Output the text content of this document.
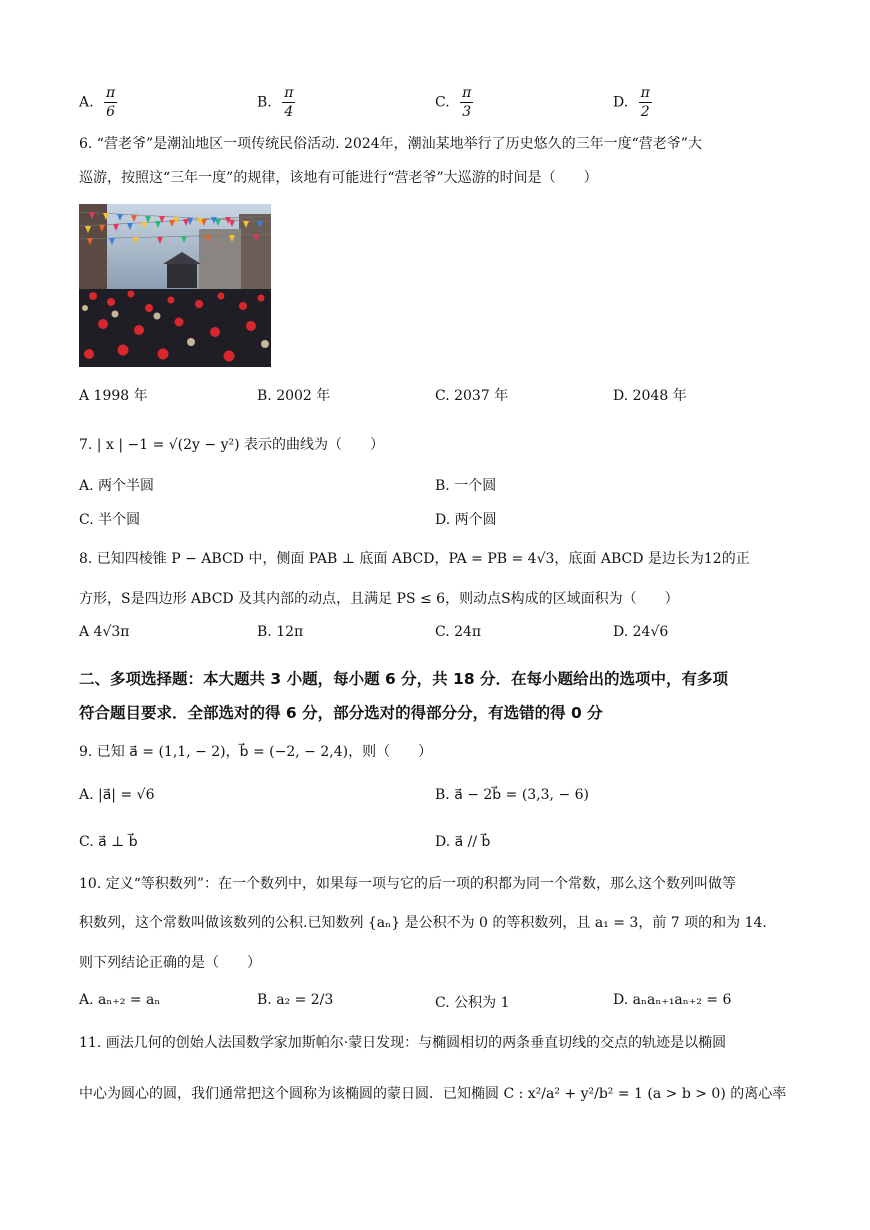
A. $\frac{\pi}{6}$	B. $\frac{\pi}{4}$	C. $\frac{\pi}{3}$	D. $\frac{\pi}{2}$
6. “营老爷”是潮汕地区一项传统民俗活动. 2024年，潮汕某地举行了历史悠久的三年一度“营老爷”大
巡游，按照这“三年一度”的规律，该地有可能进行“营老爷”大巡游的时间是（　　）
A 1998 年	B. 2002 年	C. 2037 年	D. 2048 年
7. | x | −1 = √(2y − y²) 表示的曲线为（　　）
A. 两个半圆	B. 一个圆
C. 半个圆	D. 两个圆
8. 已知四棱锥 P − ABCD 中，侧面 PAB ⊥ 底面 ABCD，PA = PB = 4√3，底面 ABCD 是边长为12的正
方形，S是四边形 ABCD 及其内部的动点，且满足 PS ≤ 6，则动点S构成的区域面积为（　　）
A 4√3π	B. 12π	C. 24π	D. 24√6
二、多项选择题：本大题共 3 小题，每小题 6 分，共 18 分．在每小题给出的选项中，有多项
符合题目要求．全部选对的得 6 分，部分选对的得部分分，有选错的得 0 分
9. 已知 a⃗ = (1,1, − 2)，b⃗ = (−2, − 2,4)，则（　　）
A. |a⃗| = √6	B. a⃗ − 2b⃗ = (3,3, − 6)
C. a⃗ ⊥ b⃗	D. a⃗ // b⃗
10. 定义“等积数列”：在一个数列中，如果每一项与它的后一项的积都为同一个常数，那么这个数列叫做等
积数列，这个常数叫做该数列的公积.已知数列 {aₙ} 是公积不为 0 的等积数列，且 a₁ = 3，前 7 项的和为 14.
则下列结论正确的是（　　）
A. aₙ₊₂ = aₙ	B. a₂ = 2/3	C. 公积为 1	D. aₙaₙ₊₁aₙ₊₂ = 6
11. 画法几何的创始人法国数学家加斯帕尔·蒙日发现：与椭圆相切的两条垂直切线的交点的轨迹是以椭圆
中心为圆心的圆，我们通常把这个圆称为该椭圆的蒙日圆．已知椭圆 C : x²/a² + y²/b² = 1 (a > b > 0) 的离心率
